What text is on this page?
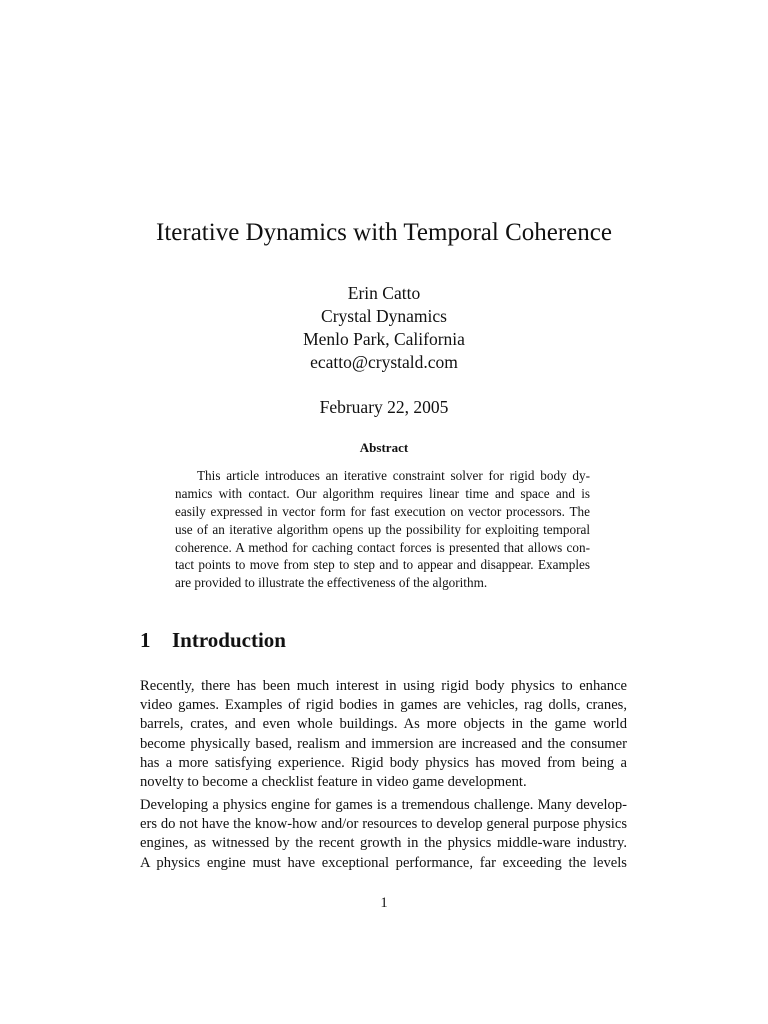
Iterative Dynamics with Temporal Coherence
Erin Catto
Crystal Dynamics
Menlo Park, California
ecatto@crystald.com
February 22, 2005
Abstract
This article introduces an iterative constraint solver for rigid body dy-
namics with contact. Our algorithm requires linear time and space and is
easily expressed in vector form for fast execution on vector processors. The
use of an iterative algorithm opens up the possibility for exploiting temporal
coherence. A method for caching contact forces is presented that allows con-
tact points to move from step to step and to appear and disappear. Examples
are provided to illustrate the effectiveness of the algorithm.
1 Introduction
Recently, there has been much interest in using rigid body physics to enhance
video games. Examples of rigid bodies in games are vehicles, rag dolls, cranes,
barrels, crates, and even whole buildings. As more objects in the game world
become physically based, realism and immersion are increased and the consumer
has a more satisfying experience. Rigid body physics has moved from being a
novelty to become a checklist feature in video game development.
Developing a physics engine for games is a tremendous challenge. Many develop-
ers do not have the know-how and/or resources to develop general purpose physics
engines, as witnessed by the recent growth in the physics middle-ware industry.
A physics engine must have exceptional performance, far exceeding the levels
1
